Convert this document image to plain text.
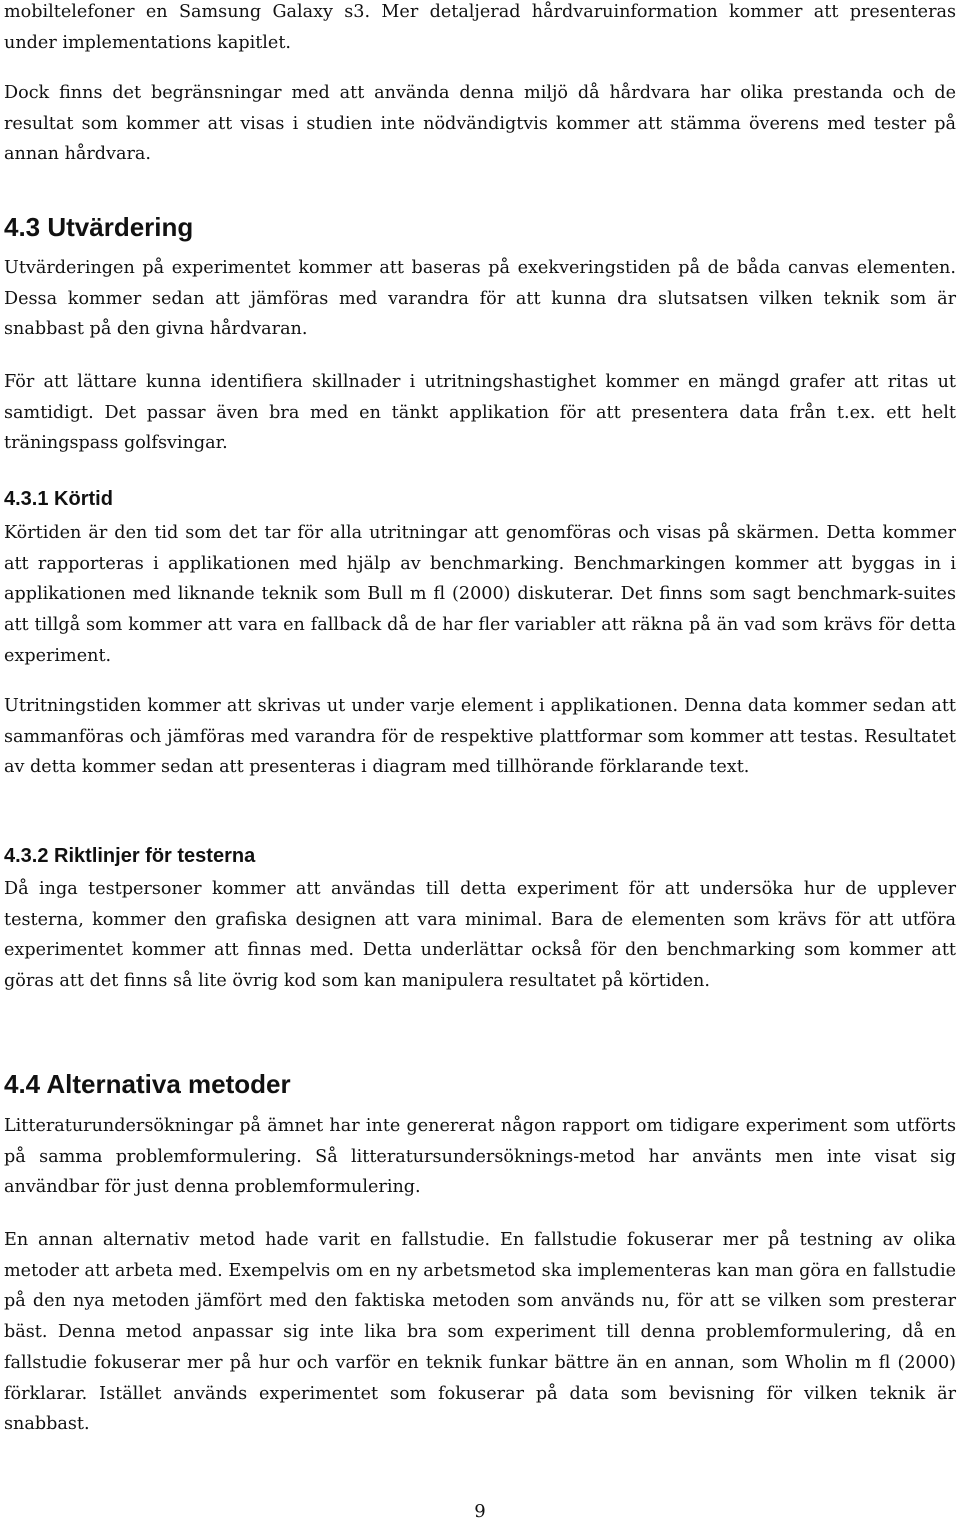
mobiltelefoner en Samsung Galaxy s3. Mer detaljerad hårdvaruinformation kommer att presenteras under implementations kapitlet.

Dock finns det begränsningar med att använda denna miljö då hårdvara har olika prestanda och de resultat som kommer att visas i studien inte nödvändigtvis kommer att stämma överens med tester på annan hårdvara.

4.3 Utvärdering

Utvärderingen på experimentet kommer att baseras på exekveringstiden på de båda canvas elementen. Dessa kommer sedan att jämföras med varandra för att kunna dra slutsatsen vilken teknik som är snabbast på den givna hårdvaran.

För att lättare kunna identifiera skillnader i utritningshastighet kommer en mängd grafer att ritas ut samtidigt. Det passar även bra med en tänkt applikation för att presentera data från t.ex. ett helt träningspass golfsvingar.

4.3.1 Körtid

Körtiden är den tid som det tar för alla utritningar att genomföras och visas på skärmen. Detta kommer att rapporteras i applikationen med hjälp av benchmarking. Benchmarkingen kommer att byggas in i applikationen med liknande teknik som Bull m fl (2000) diskuterar. Det finns som sagt benchmark-suites att tillgå som kommer att vara en fallback då de har fler variabler att räkna på än vad som krävs för detta experiment.

Utritningstiden kommer att skrivas ut under varje element i applikationen. Denna data kommer sedan att sammanföras och jämföras med varandra för de respektive plattformar som kommer att testas. Resultatet av detta kommer sedan att presenteras i diagram med tillhörande förklarande text.

4.3.2 Riktlinjer för testerna

Då inga testpersoner kommer att användas till detta experiment för att undersöka hur de upplever testerna, kommer den grafiska designen att vara minimal. Bara de elementen som krävs för att utföra experimentet kommer att finnas med. Detta underlättar också för den benchmarking som kommer att göras att det finns så lite övrig kod som kan manipulera resultatet på körtiden.

4.4 Alternativa metoder

Litteraturundersökningar på ämnet har inte genererat någon rapport om tidigare experiment som utförts på samma problemformulering. Så litteratursundersöknings-metod har använts men inte visat sig användbar för just denna problemformulering.

En annan alternativ metod hade varit en fallstudie. En fallstudie fokuserar mer på testning av olika metoder att arbeta med. Exempelvis om en ny arbetsmetod ska implementeras kan man göra en fallstudie på den nya metoden jämfört med den faktiska metoden som används nu, för att se vilken som presterar bäst. Denna metod anpassar sig inte lika bra som experiment till denna problemformulering, då en fallstudie fokuserar mer på hur och varför en teknik funkar bättre än en annan, som Wholin m fl (2000) förklarar. Istället används experimentet som fokuserar på data som bevisning för vilken teknik är snabbast.

9
